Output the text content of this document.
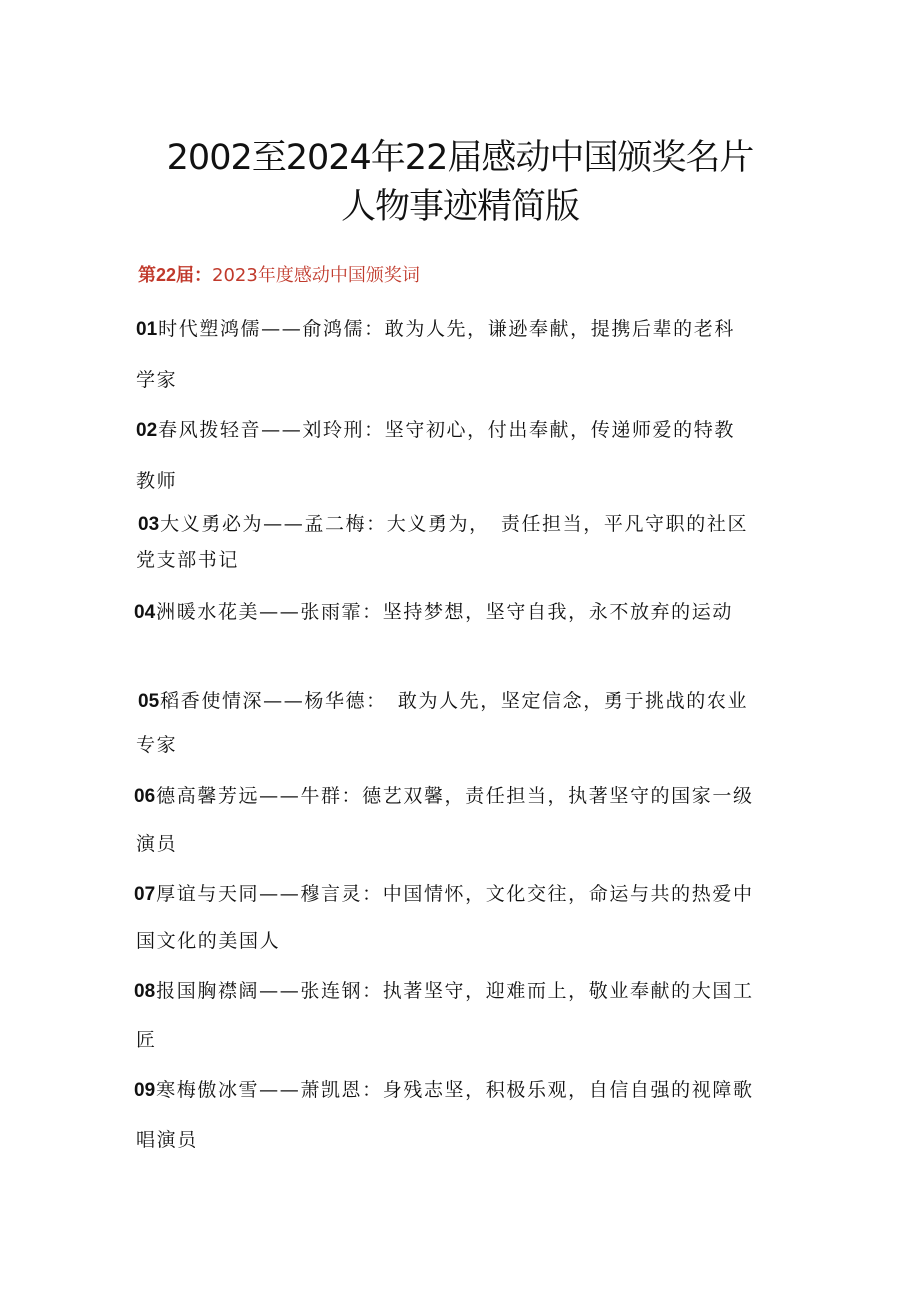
2002至2024年22届感动中国颁奖名片
人物事迹精简版
第22届：2023年度感动中国颁奖词
01时代塑鸿儒——俞鸿儒：敢为人先，谦逊奉献，提携后辈的老科
学家
02春风拨轻音——刘玲刑：坚守初心，付出奉献，传递师爱的特教
教师
03大义勇必为——孟二梅：大义勇为，　责任担当，平凡守职的社区
党支部书记
04洲暖水花美——张雨霏：坚持梦想，坚守自我，永不放弃的运动
05稻香使情深——杨华德：　敢为人先，坚定信念，勇于挑战的农业
专家
06德高馨芳远——牛群：德艺双馨，责任担当，执著坚守的国家一级
演员
07厚谊与天同——穆言灵：中国情怀，文化交往，命运与共的热爱中
国文化的美国人
08报国胸襟阔——张连钢：执著坚守，迎难而上，敬业奉献的大国工
匠
09寒梅傲冰雪——萧凯恩：身残志坚，积极乐观，自信自强的视障歌
唱演员
